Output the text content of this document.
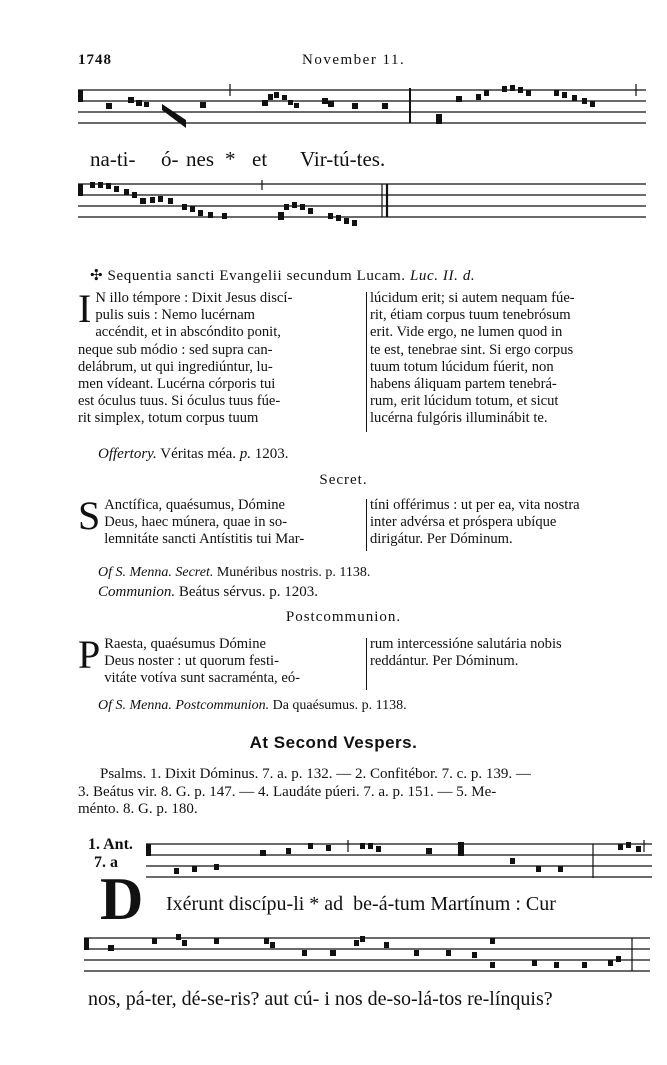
1748	November 11.
na-ti- ó- nes * et Vir-tú-tes.
✣ Sequentia sancti Evangelii secundum Lucam. Luc. II. d.
I N illo témpore : Dixit Jesus discí-

pulis suis : Nemo lucérnam

accéndit, et in abscóndito ponit,

neque sub módio : sed supra can-

delábrum, ut qui ingrediúntur, lu-

men vídeant. Lucérna córporis tui

est óculus tuus. Si óculus tuus fúe-

rit simplex, totum corpus tuum

lúcidum erit; si autem nequam fúe-

rit, étiam corpus tuum tenebrósum

erit. Vide ergo, ne lumen quod in

te est, tenebrae sint. Si ergo corpus

tuum totum lúcidum fúerit, non

habens áliquam partem tenebrá-

rum, erit lúcidum totum, et sicut

lucérna fulgóris illuminábit te.

Offertory. Véritas méa. p. 1203.
Secret.
S Anctífica, quaésumus, Dómine

Deus, haec múnera, quae in so-

lemnitáte sancti Antístitis tui Mar-

tíni offérimus : ut per ea, vita nostra

inter advérsa et próspera ubíque

dirigátur. Per Dóminum.

Of S. Menna. Secret. Munéribus nostris. p. 1138.
Communion. Beátus sérvus. p. 1203.
Postcommunion.
P Raesta, quaésumus Dómine

Deus noster : ut quorum festi-

vitáte votíva sunt sacraménta, eó-

rum intercessióne salutária nobis

reddántur. Per Dóminum.

Of S. Menna. Postcommunion. Da quaésumus. p. 1138.
At Second Vespers.

Psalms. 1. Dixit Dóminus. 7. a. p. 132. — 2. Confitébor. 7. c. p. 139. —

3. Beátus vir. 8. G. p. 147. — 4. Laudáte púeri. 7. a. p. 151. — 5. Me-

ménto. 8. G. p. 180.

1. Ant.
7. a
D Ixérunt discípu-li * ad  be-á-tum Martínum : Cur
nos, pá-ter, dé-se-ris? aut cú- i nos de-so-lá-tos re-línquis?
